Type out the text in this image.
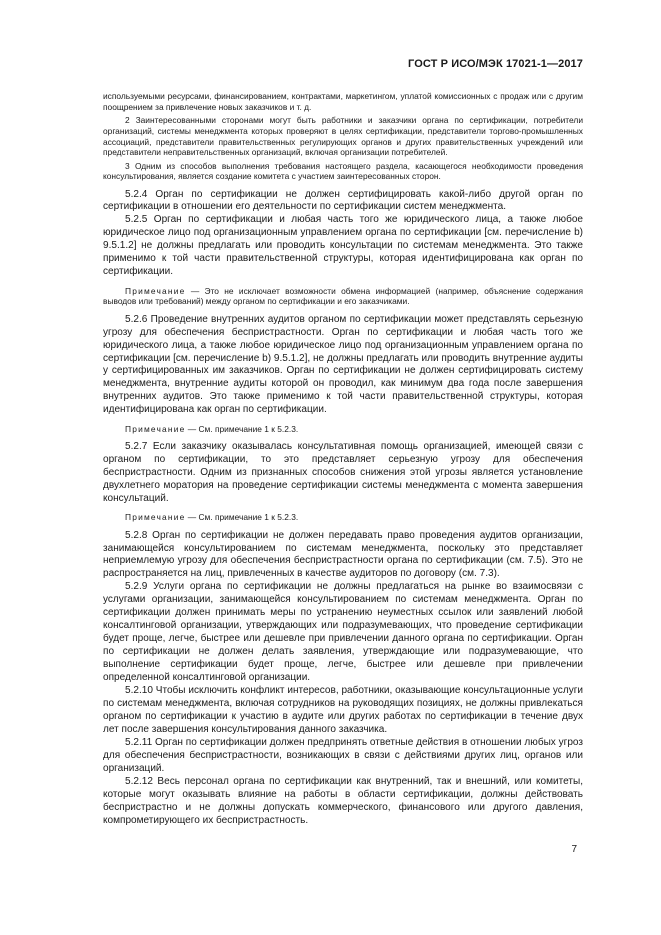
ГОСТ Р ИСО/МЭК 17021-1—2017

используемыми ресурсами, финансированием, контрактами, маркетингом, уплатой комиссионных с продаж или с другим поощрением за привлечение новых заказчиков и т. д.

2 Заинтересованными сторонами могут быть работники и заказчики органа по сертификации, потребители организаций, системы менеджмента которых проверяют в целях сертификации, представители торгово-промышленных ассоциаций, представители правительственных регулирующих органов и других правительственных учреждений или представители неправительственных организаций, включая организации потребителей.

3 Одним из способов выполнения требования настоящего раздела, касающегося необходимости проведения консультирования, является создание комитета с участием заинтересованных сторон.

5.2.4 Орган по сертификации не должен сертифицировать какой-либо другой орган по сертификации в отношении его деятельности по сертификации систем менеджмента.

5.2.5 Орган по сертификации и любая часть того же юридического лица, а также любое юридическое лицо под организационным управлением органа по сертификации [см. перечисление b) 9.5.1.2] не должны предлагать или проводить консультации по системам менеджмента. Это также применимо к той части правительственной структуры, которая идентифицирована как орган по сертификации.

Примечание — Это не исключает возможности обмена информацией (например, объяснение содержания выводов или требований) между органом по сертификации и его заказчиками.

5.2.6 Проведение внутренних аудитов органом по сертификации может представлять серьезную угрозу для обеспечения беспристрастности. Орган по сертификации и любая часть того же юридического лица, а также любое юридическое лицо под организационным управлением органа по сертификации [см. перечисление b) 9.5.1.2], не должны предлагать или проводить внутренние аудиты у сертифицированных им заказчиков. Орган по сертификации не должен сертифицировать систему менеджмента, внутренние аудиты которой он проводил, как минимум два года после завершения внутренних аудитов. Это также применимо к той части правительственной структуры, которая идентифицирована как орган по сертификации.

Примечание — См. примечание 1 к 5.2.3.

5.2.7 Если заказчику оказывалась консультативная помощь организацией, имеющей связи с органом по сертификации, то это представляет серьезную угрозу для обеспечения беспристрастности. Одним из признанных способов снижения этой угрозы является установление двухлетнего моратория на проведение сертификации системы менеджмента с момента завершения консультаций.

Примечание — См. примечание 1 к 5.2.3.

5.2.8 Орган по сертификации не должен передавать право проведения аудитов организации, занимающейся консультированием по системам менеджмента, поскольку это представляет неприемлемую угрозу для обеспечения беспристрастности органа по сертификации (см. 7.5). Это не распространяется на лиц, привлеченных в качестве аудиторов по договору (см. 7.3).

5.2.9 Услуги органа по сертификации не должны предлагаться на рынке во взаимосвязи с услугами организации, занимающейся консультированием по системам менеджмента. Орган по сертификации должен принимать меры по устранению неуместных ссылок или заявлений любой консалтинговой организации, утверждающих или подразумевающих, что проведение сертификации будет проще, легче, быстрее или дешевле при привлечении данного органа по сертификации. Орган по сертификации не должен делать заявления, утверждающие или подразумевающие, что выполнение сертификации будет проще, легче, быстрее или дешевле при привлечении определенной консалтинговой организации.

5.2.10 Чтобы исключить конфликт интересов, работники, оказывающие консультационные услуги по системам менеджмента, включая сотрудников на руководящих позициях, не должны привлекаться органом по сертификации к участию в аудите или других работах по сертификации в течение двух лет после завершения консультирования данного заказчика.

5.2.11 Орган по сертификации должен предпринять ответные действия в отношении любых угроз для обеспечения беспристрастности, возникающих в связи с действиями других лиц, органов или организаций.

5.2.12 Весь персонал органа по сертификации как внутренний, так и внешний, или комитеты, которые могут оказывать влияние на работы в области сертификации, должны действовать беспристрастно и не должны допускать коммерческого, финансового или другого давления, компрометирующего их беспристрастность.

7
